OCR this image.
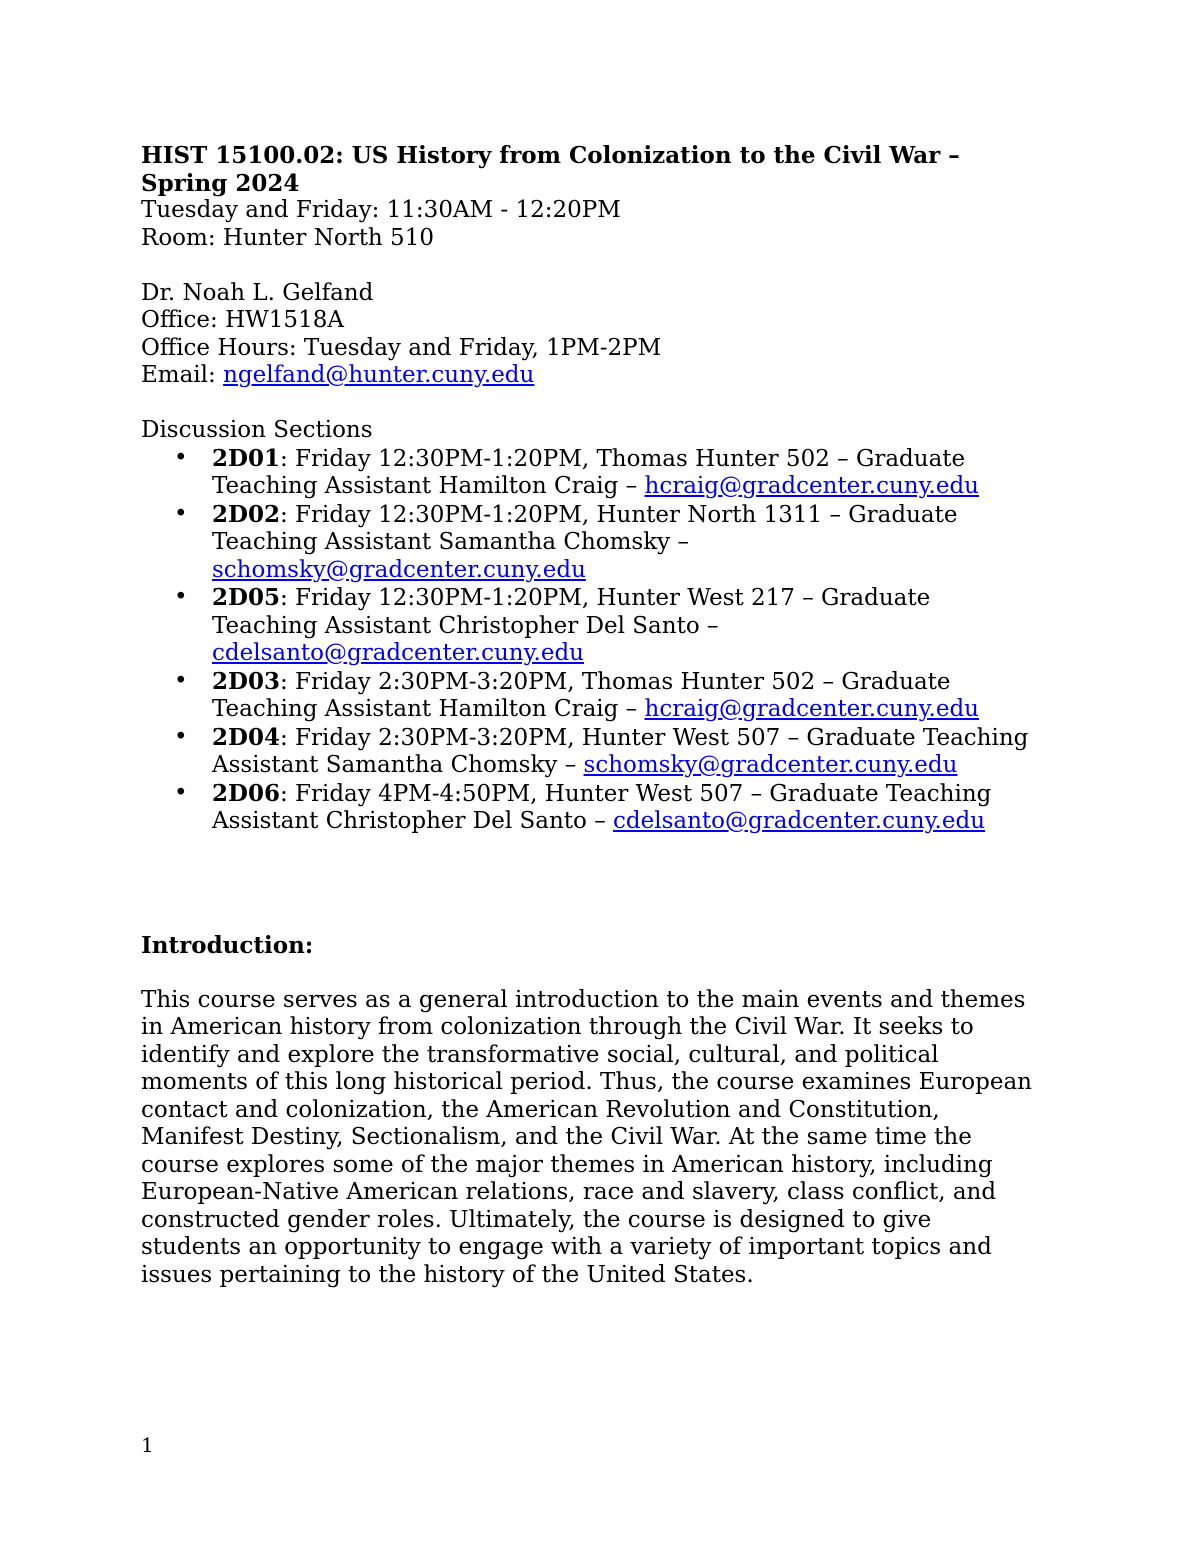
HIST 15100.02: US History from Colonization to the Civil War –
Spring 2024
Tuesday and Friday: 11:30AM - 12:20PM
Room: Hunter North 510
Dr. Noah L. Gelfand
Office: HW1518A
Office Hours: Tuesday and Friday, 1PM-2PM
Email: ngelfand@hunter.cuny.edu
Discussion Sections
• 2D01: Friday 12:30PM-1:20PM, Thomas Hunter 502 – Graduate
Teaching Assistant Hamilton Craig – hcraig@gradcenter.cuny.edu
• 2D02: Friday 12:30PM-1:20PM, Hunter North 1311 – Graduate
Teaching Assistant Samantha Chomsky –
schomsky@gradcenter.cuny.edu
• 2D05: Friday 12:30PM-1:20PM, Hunter West 217 – Graduate
Teaching Assistant Christopher Del Santo –
cdelsanto@gradcenter.cuny.edu
• 2D03: Friday 2:30PM-3:20PM, Thomas Hunter 502 – Graduate
Teaching Assistant Hamilton Craig – hcraig@gradcenter.cuny.edu
• 2D04: Friday 2:30PM-3:20PM, Hunter West 507 – Graduate Teaching
Assistant Samantha Chomsky – schomsky@gradcenter.cuny.edu
• 2D06: Friday 4PM-4:50PM, Hunter West 507 – Graduate Teaching
Assistant Christopher Del Santo – cdelsanto@gradcenter.cuny.edu
Introduction:
This course serves as a general introduction to the main events and themes
in American history from colonization through the Civil War. It seeks to
identify and explore the transformative social, cultural, and political
moments of this long historical period. Thus, the course examines European
contact and colonization, the American Revolution and Constitution,
Manifest Destiny, Sectionalism, and the Civil War. At the same time the
course explores some of the major themes in American history, including
European-Native American relations, race and slavery, class conflict, and
constructed gender roles. Ultimately, the course is designed to give
students an opportunity to engage with a variety of important topics and
issues pertaining to the history of the United States.
1
